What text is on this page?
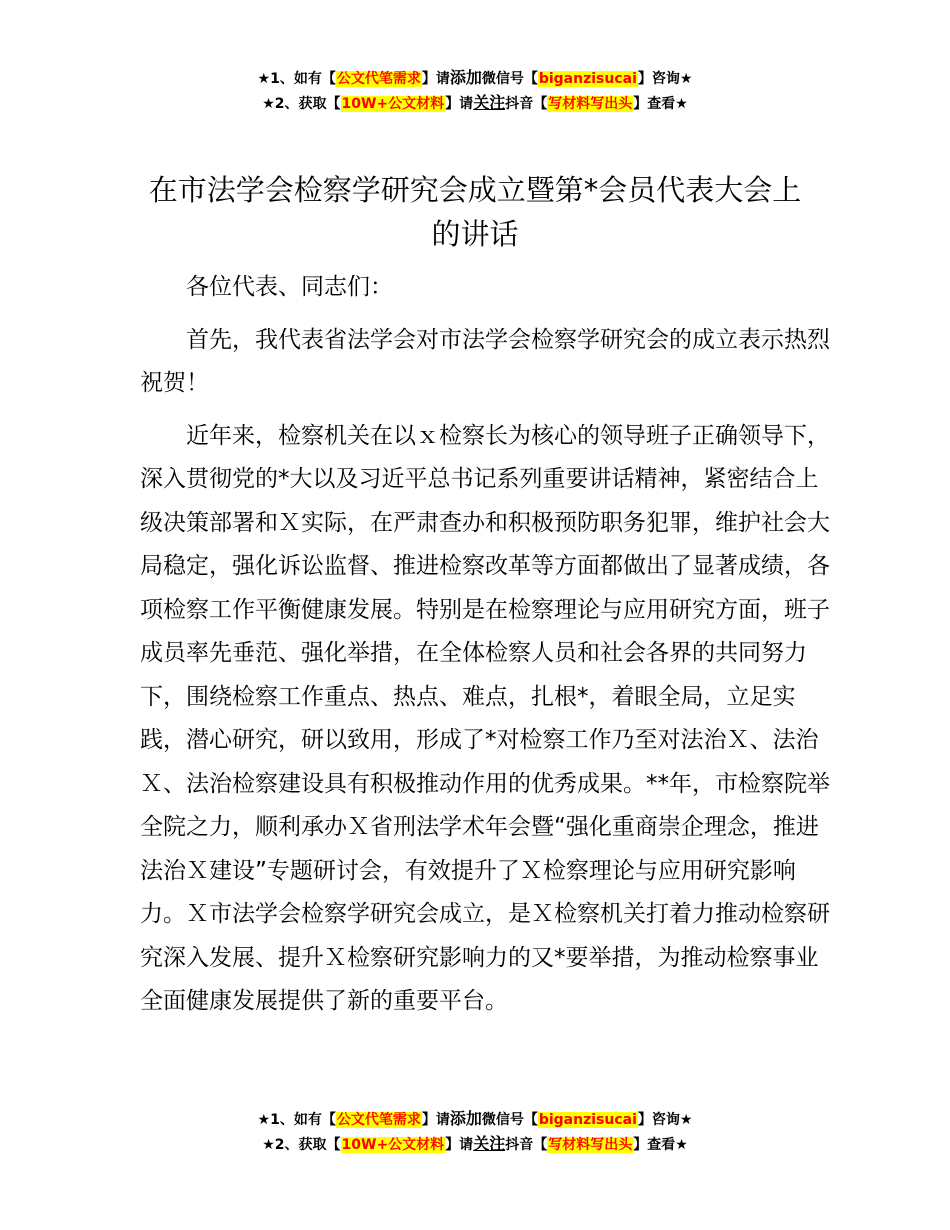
★1、如有【公文代笔需求】请添加微信号【biganzisucai】咨询★
★2、获取【10W+公文材料】请关注抖音【写材料写出头】查看★
在市法学会检察学研究会成立暨第*会员代表大会上的讲话

各位代表、同志们：

首先，我代表省法学会对市法学会检察学研究会的成立表示热烈祝贺！

近年来，检察机关在以ｘ检察长为核心的领导班子正确领导下，深入贯彻党的*大以及习近平总书记系列重要讲话精神，紧密结合上级决策部署和Ｘ实际，在严肃查办和积极预防职务犯罪，维护社会大局稳定，强化诉讼监督、推进检察改革等方面都做出了显著成绩，各项检察工作平衡健康发展。特别是在检察理论与应用研究方面，班子成员率先垂范、强化举措，在全体检察人员和社会各界的共同努力下，围绕检察工作重点、热点、难点，扎根*，着眼全局，立足实践，潜心研究，研以致用，形成了*对检察工作乃至对法治Ｘ、法治Ｘ、法治检察建设具有积极推动作用的优秀成果。**年，市检察院举全院之力，顺利承办Ｘ省刑法学术年会暨“强化重商崇企理念，推进法治Ｘ建设”专题研讨会，有效提升了Ｘ检察理论与应用研究影响力。Ｘ市法学会检察学研究会成立，是Ｘ检察机关打着力推动检察研究深入发展、提升Ｘ检察研究影响力的又*要举措，为推动检察事业全面健康发展提供了新的重要平台。

★1、如有【公文代笔需求】请添加微信号【biganzisucai】咨询★
★2、获取【10W+公文材料】请关注抖音【写材料写出头】查看★
